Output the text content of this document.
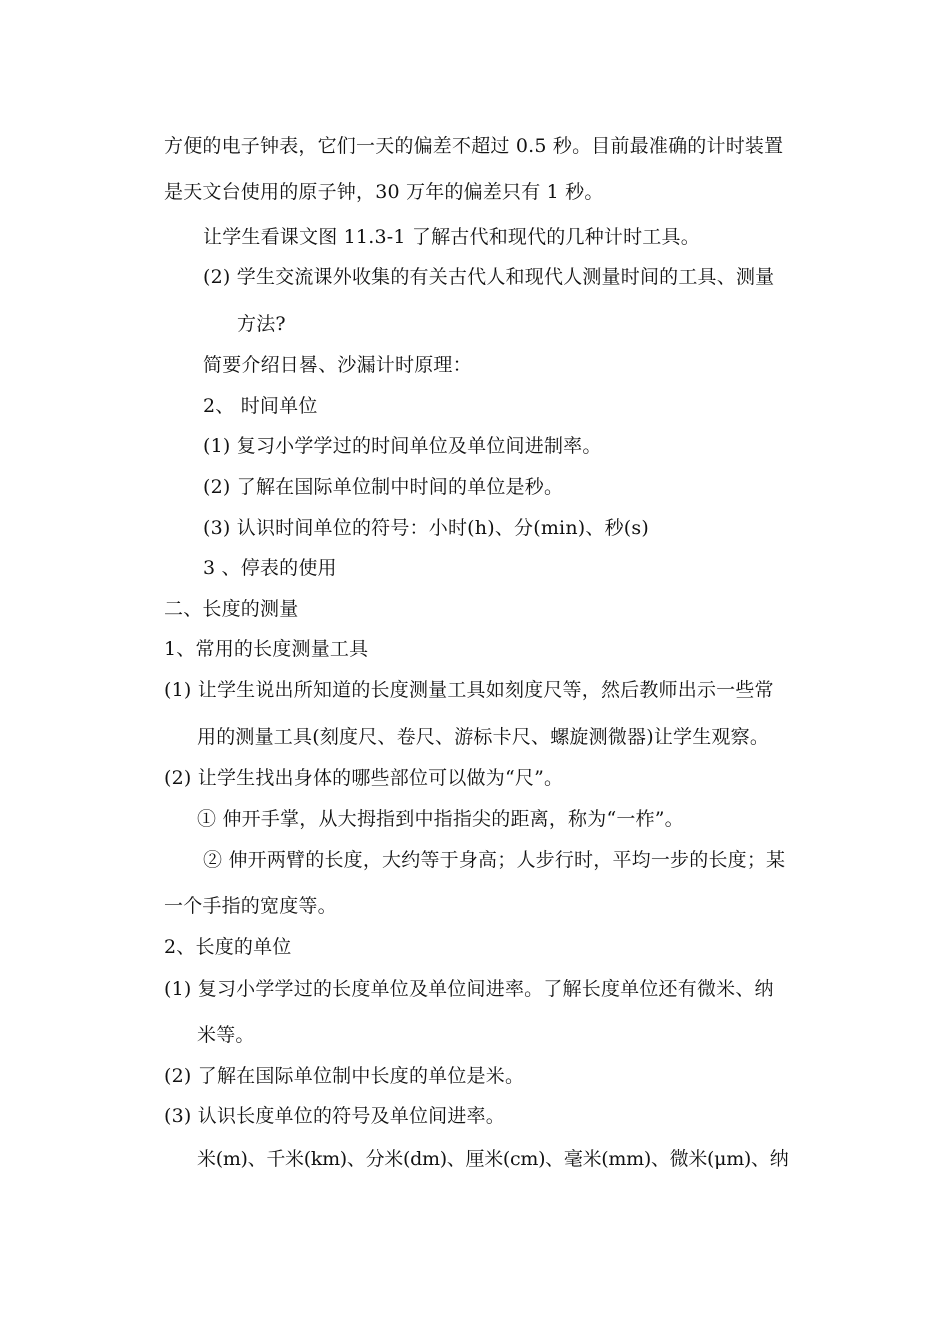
方便的电子钟表，它们一天的偏差不超过 0.5 秒。目前最准确的计时装置
是天文台使用的原子钟，30 万年的偏差只有 1 秒。
让学生看课文图 11.3-1 了解古代和现代的几种计时工具。
(2) 学生交流课外收集的有关古代人和现代人测量时间的工具、测量
方法?
简要介绍日晷、沙漏计时原理：
2、 时间单位
(1) 复习小学学过的时间单位及单位间进制率。
(2) 了解在国际单位制中时间的单位是秒。
(3) 认识时间单位的符号：小时(h)、分(min)、秒(s)
3 、停表的使用
二、长度的测量
1、常用的长度测量工具
(1) 让学生说出所知道的长度测量工具如刻度尺等，然后教师出示一些常
用的测量工具(刻度尺、卷尺、游标卡尺、螺旋测微器)让学生观察。
(2) 让学生找出身体的哪些部位可以做为“尺”。
① 伸开手掌，从大拇指到中指指尖的距离，称为“一柞”。
② 伸开两臂的长度，大约等于身高；人步行时，平均一步的长度；某
一个手指的宽度等。
2、长度的单位
(1) 复习小学学过的长度单位及单位间进率。了解长度单位还有微米、纳
米等。
(2) 了解在国际单位制中长度的单位是米。
(3) 认识长度单位的符号及单位间进率。
米(m)、千米(km)、分米(dm)、厘米(cm)、毫米(mm)、微米(μm)、纳
